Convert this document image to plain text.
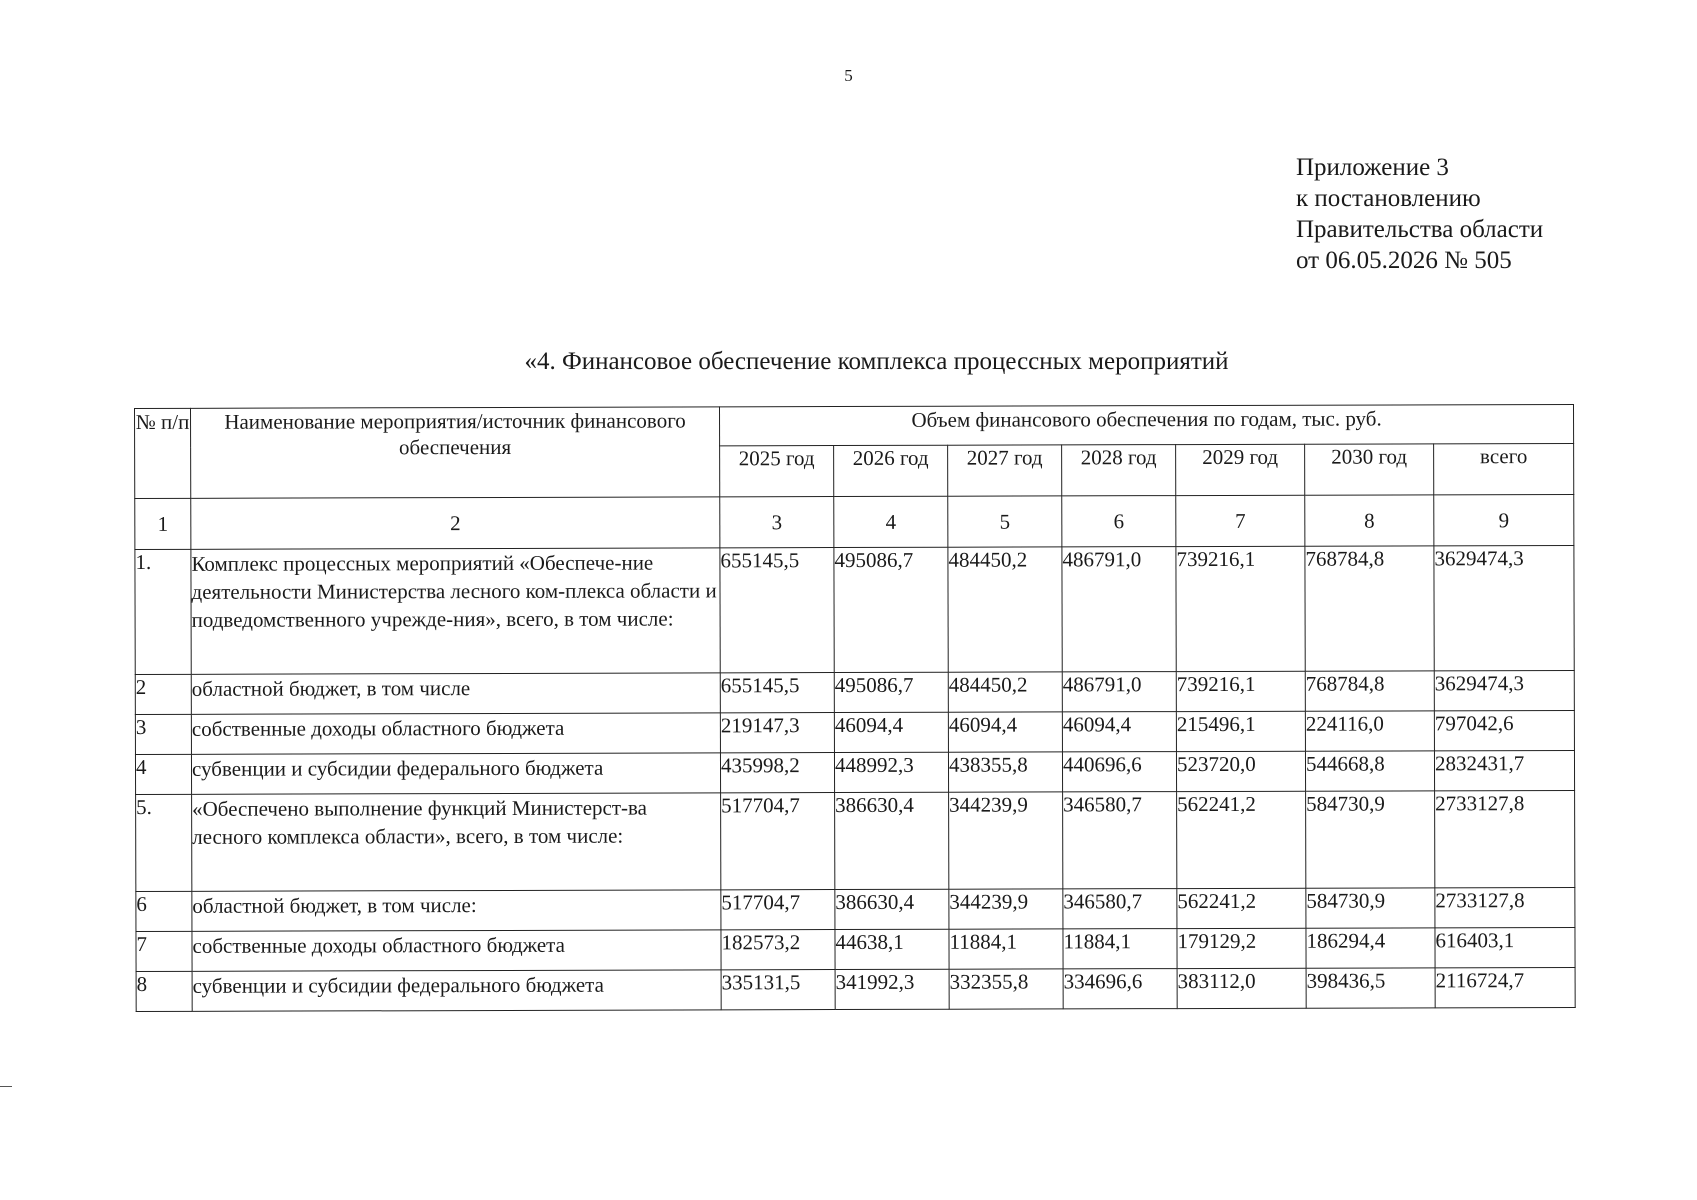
5
Приложение 3
к постановлению
Правительства области
от 06.05.2026 № 505
«4. Финансовое обеспечение комплекса процессных мероприятий
№ п/п	Наименование мероприятия/источник финансового обеспечения	Объем финансового обеспечения по годам, тыс. руб.						
		2025 год	2026 год	2027 год	2028 год	2029 год	2030 год	всего
1	2	3	4	5	6	7	8	9
1.	Комплекс процессных мероприятий «Обеспече-ние деятельности Министерства лесного ком-плекса области и подведомственного учрежде-ния», всего, в том числе:	655145,5	495086,7	484450,2	486791,0	739216,1	768784,8	3629474,3
2	областной бюджет, в том числе	655145,5	495086,7	484450,2	486791,0	739216,1	768784,8	3629474,3
3	собственные доходы областного бюджета	219147,3	46094,4	46094,4	46094,4	215496,1	224116,0	797042,6
4	субвенции и субсидии федерального бюджета	435998,2	448992,3	438355,8	440696,6	523720,0	544668,8	2832431,7
5.	«Обеспечено выполнение функций Министерст-ва лесного комплекса области», всего, в том числе:	517704,7	386630,4	344239,9	346580,7	562241,2	584730,9	2733127,8
6	областной бюджет, в том числе:	517704,7	386630,4	344239,9	346580,7	562241,2	584730,9	2733127,8
7	собственные доходы областного бюджета	182573,2	44638,1	11884,1	11884,1	179129,2	186294,4	616403,1
8	субвенции и субсидии федерального бюджета	335131,5	341992,3	332355,8	334696,6	383112,0	398436,5	2116724,7
